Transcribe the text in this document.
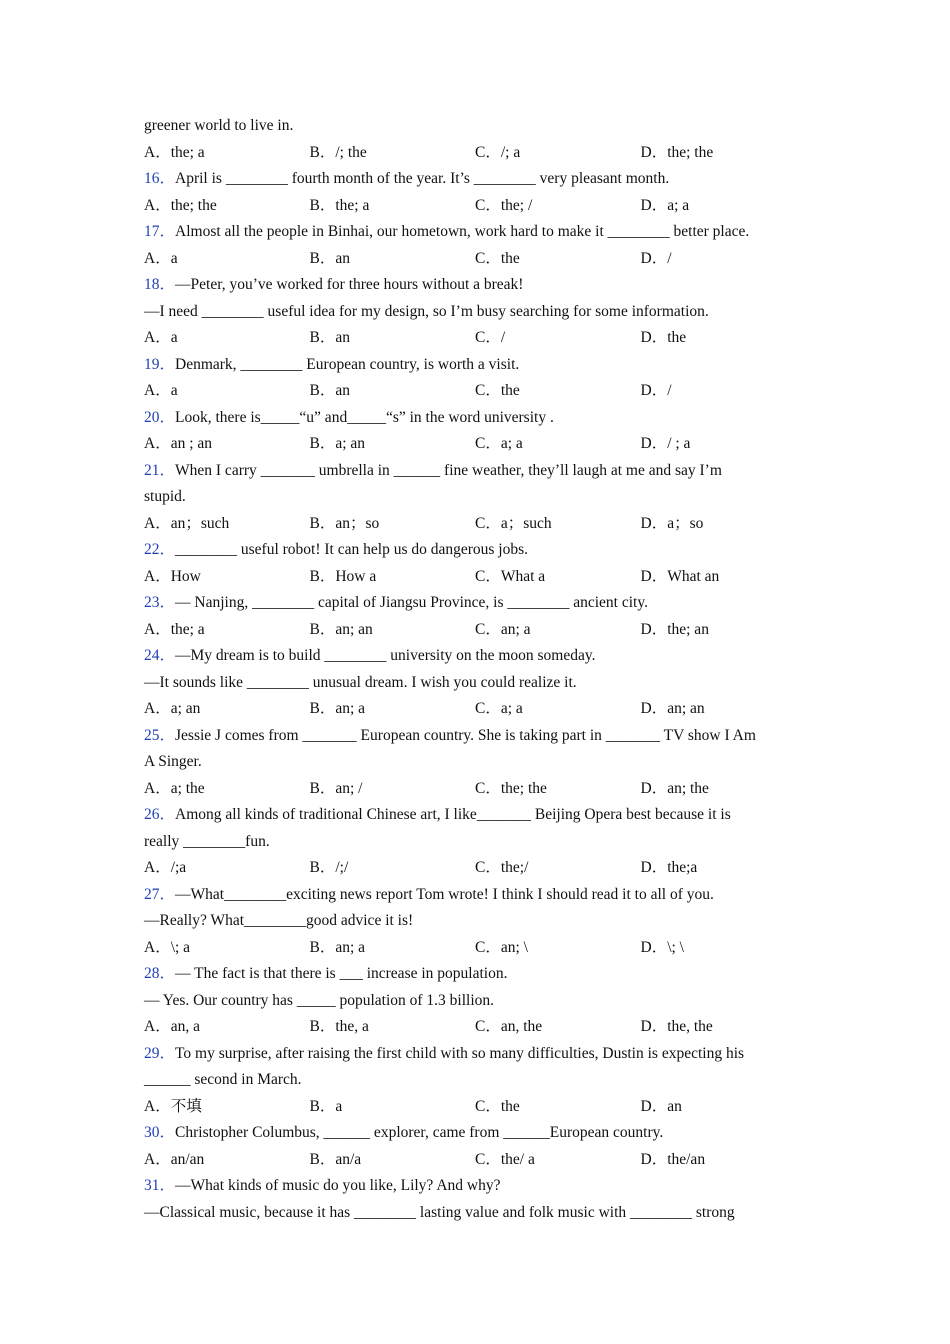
greener world to live in.
A．the; a	B．/; the	C．/; a	D．the; the
16．April is ________ fourth month of the year. It’s ________ very pleasant month.
A．the; the	B．the; a	C．the; /	D．a; a
17．Almost all the people in Binhai, our hometown, work hard to make it ________ better place.
A．a	B．an	C．the	D．/
18．—Peter, you’ve worked for three hours without a break!
—I need ________ useful idea for my design, so I’m busy searching for some information.
A．a	B．an	C．/	D．the
19．Denmark, ________ European country, is worth a visit.
A．a	B．an	C．the	D．/
20．Look, there is_____“u” and_____“s” in the word university .
A．an ; an	B．a; an	C．a; a	D．/ ; a
21．When I carry _______ umbrella in ______ fine weather, they’ll laugh at me and say I’m
stupid.
A．an；such	B．an；so	C．a；such	D．a；so
22．________ useful robot! It can help us do dangerous jobs.
A．How	B．How a	C．What a	D．What an
23．— Nanjing, ________ capital of Jiangsu Province, is ________ ancient city.
A．the; a	B．an; an	C．an; a	D．the; an
24．—My dream is to build ________ university on the moon someday.
—It sounds like ________ unusual dream. I wish you could realize it.
A．a; an	B．an; a	C．a; a	D．an; an
25．Jessie J comes from _______ European country. She is taking part in _______ TV show I Am
A Singer.
A．a; the	B．an; /	C．the; the	D．an; the
26．Among all kinds of traditional Chinese art, I like_______ Beijing Opera best because it is
really ________fun.
A．/;a	B．/;/	C．the;/	D．the;a
27．—What________exciting news report Tom wrote! I think I should read it to all of you.
—Really? What________good advice it is!
A．\; a	B．an; a	C．an; \	D．\; \
28．— The fact is that there is ___ increase in population.
— Yes. Our country has _____ population of 1.3 billion.
A．an, a	B．the, a	C．an, the	D．the, the
29．To my surprise, after raising the first child with so many difficulties, Dustin is expecting his
______ second in March.
A．不填	B．a	C．the	D．an
30．Christopher Columbus, ______ explorer, came from ______European country.
A．an/an	B．an/a	C．the/ a	D．the/an
31．—What kinds of music do you like, Lily? And why?
—Classical music, because it has ________ lasting value and folk music with ________ strong
